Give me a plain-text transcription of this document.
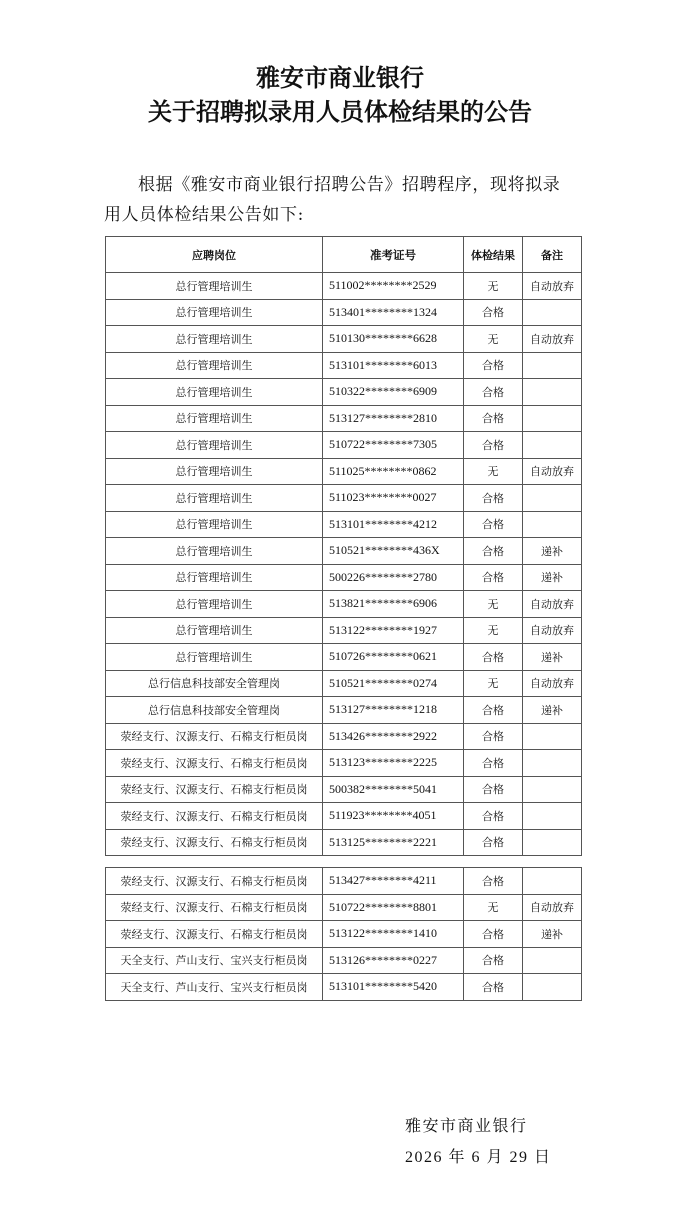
雅安市商业银行
关于招聘拟录用人员体检结果的公告
根据《雅安市商业银行招聘公告》招聘程序，现将拟录
用人员体检结果公告如下:
应聘岗位	准考证号	体检结果	备注
总行管理培训生	511002********2529	无	自动放弃
总行管理培训生	513401********1324	合格	
总行管理培训生	510130********6628	无	自动放弃
总行管理培训生	513101********6013	合格	
总行管理培训生	510322********6909	合格	
总行管理培训生	513127********2810	合格	
总行管理培训生	510722********7305	合格	
总行管理培训生	511025********0862	无	自动放弃
总行管理培训生	511023********0027	合格	
总行管理培训生	513101********4212	合格	
总行管理培训生	510521********436X	合格	递补
总行管理培训生	500226********2780	合格	递补
总行管理培训生	513821********6906	无	自动放弃
总行管理培训生	513122********1927	无	自动放弃
总行管理培训生	510726********0621	合格	递补
总行信息科技部安全管理岗	510521********0274	无	自动放弃
总行信息科技部安全管理岗	513127********1218	合格	递补
荥经支行、汉源支行、石棉支行柜员岗	513426********2922	合格	
荥经支行、汉源支行、石棉支行柜员岗	513123********2225	合格	
荥经支行、汉源支行、石棉支行柜员岗	500382********5041	合格	
荥经支行、汉源支行、石棉支行柜员岗	511923********4051	合格	
荥经支行、汉源支行、石棉支行柜员岗	513125********2221	合格	
荥经支行、汉源支行、石棉支行柜员岗	513427********4211	合格	
荥经支行、汉源支行、石棉支行柜员岗	510722********8801	无	自动放弃
荥经支行、汉源支行、石棉支行柜员岗	513122********1410	合格	递补
天全支行、芦山支行、宝兴支行柜员岗	513126********0227	合格	
天全支行、芦山支行、宝兴支行柜员岗	513101********5420	合格	
雅安市商业银行
2026 年 6 月 29 日
